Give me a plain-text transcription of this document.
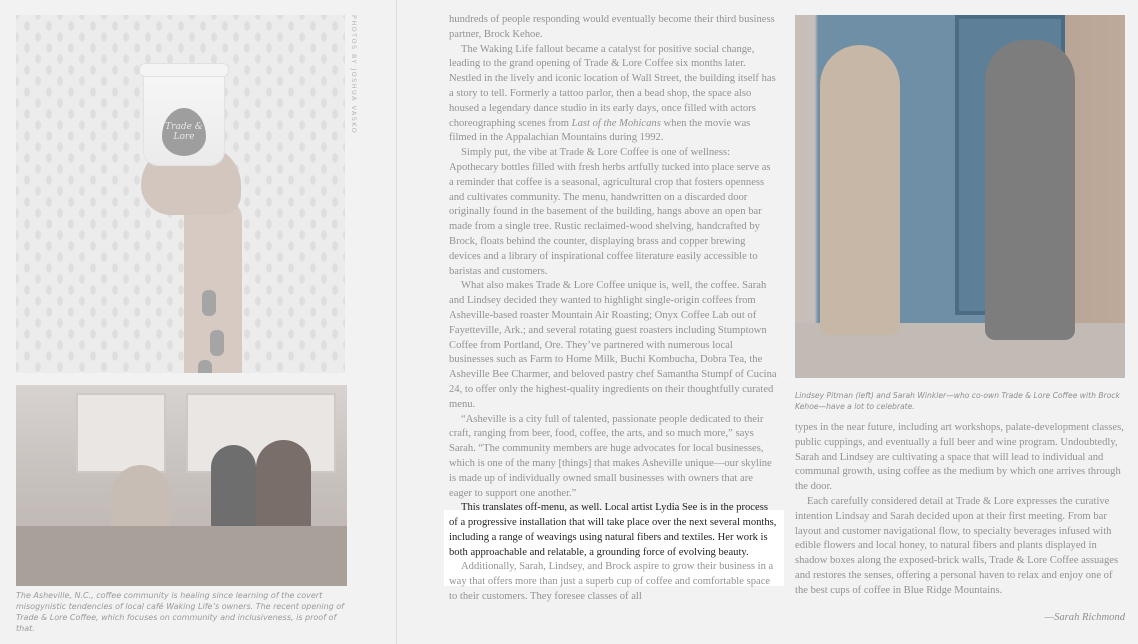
Trade & Lore
The Asheville, N.C., coffee community is healing since learning of the covert misogynistic tendencies of local café Waking Life’s owners. The recent opening of Trade & Lore Coffee, which focuses on community and inclusiveness, is proof of that.
PHOTOS BY JOSHUA VASKO	hundreds of people responding would eventually become their third business partner, Brock Kehoe.

The Waking Life fallout became a catalyst for positive social change, leading to the grand opening of Trade & Lore Coffee six months later. Nestled in the lively and iconic location of Wall Street, the building itself has a story to tell. Formerly a tattoo parlor, then a bead shop, the space also housed a legendary dance studio in its early days, once filled with actors choreographing scenes from Last of the Mohicans when the movie was filmed in the Appalachian Mountains during 1992.

Simply put, the vibe at Trade & Lore Coffee is one of wellness: Apothecary bottles filled with fresh herbs artfully tucked into place serve as a reminder that coffee is a seasonal, agricultural crop that fosters openness and cultivates community. The menu, handwritten on a discarded door originally found in the basement of the building, hangs above an open bar made from a single tree. Rustic reclaimed-wood shelving, handcrafted by Brock, floats behind the counter, displaying brass and copper brewing devices and a library of inspirational coffee literature easily accessible to baristas and customers.

What also makes Trade & Lore Coffee unique is, well, the coffee. Sarah and Lindsey decided they wanted to highlight single-origin coffees from Asheville-based roaster Mountain Air Roasting; Onyx Coffee Lab out of Fayetteville, Ark.; and several rotating guest roasters including Stumptown Coffee from Portland, Ore. They’ve partnered with numerous local businesses such as Farm to Home Milk, Buchi Kombucha, Dobra Tea, the Asheville Bee Charmer, and beloved pastry chef Samantha Stumpf of Cucina 24, to offer only the highest-quality ingredients on their thoughtfully curated menu.

“Asheville is a city full of talented, passionate people dedicated to their craft, ranging from beer, food, coffee, the arts, and so much more,” says Sarah. “The community members are huge advocates for local businesses, which is one of the many [things] that makes Asheville unique—our skyline is made up of individually owned small businesses with owners that are eager to support one another.”

This translates off-menu, as well. Local artist Lydia See is in the process of a progressive installation that will take place over the next several months, including a range of weavings using natural fibers and textiles. Her work is both approachable and relatable, a grounding force of evolving beauty.

Additionally, Sarah, Lindsey, and Brock aspire to grow their business in a way that offers more than just a superb cup of coffee and comfortable space to their customers. They foresee classes of all

Lindsey Pitman (left) and Sarah Winkler—who co-own Trade & Lore Coffee with Brock Kehoe—have a lot to celebrate.

types in the near future, including art workshops, palate-development classes, public cuppings, and eventually a full beer and wine program. Undoubtedly, Sarah and Lindsey are cultivating a space that will lead to individual and communal growth, using coffee as the medium by which one arrives through the door.

Each carefully considered detail at Trade & Lore expresses the curative intention Lindsay and Sarah decided upon at their first meeting. From bar layout and customer navigational flow, to specialty beverages infused with edible flowers and local honey, to natural fibers and plants displayed in shadow boxes along the exposed-brick walls, Trade & Lore Coffee assuages and restores the senses, offering a personal haven to relax and enjoy one of the best cups of coffee in Blue Ridge Mountains.

—Sarah Richmond
